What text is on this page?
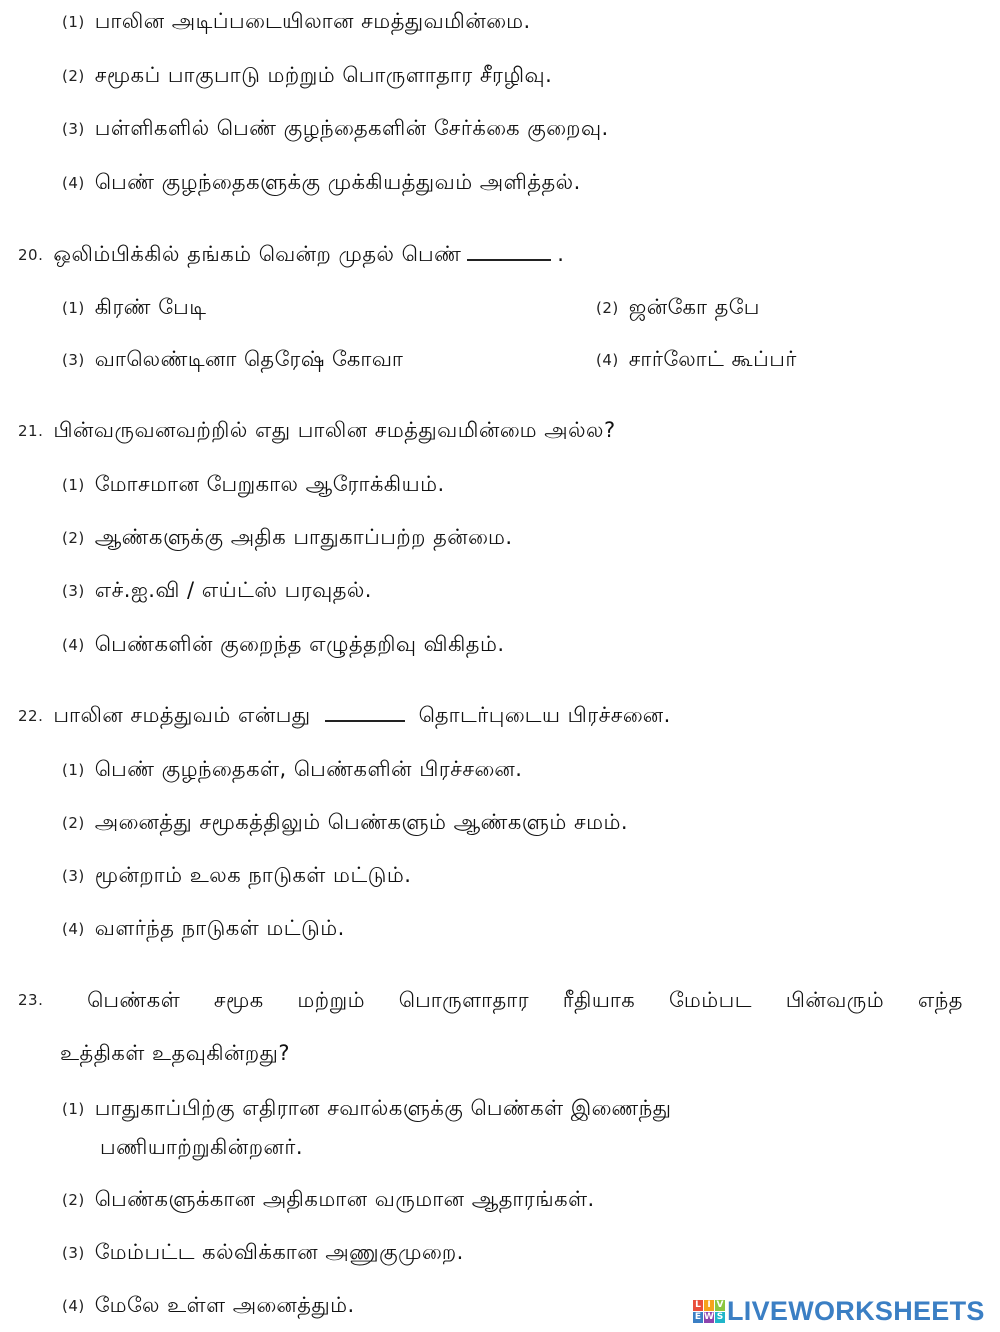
(1) பாலின அடிப்படையிலான சமத்துவமின்மை.
(2) சமூகப் பாகுபாடு மற்றும் பொருளாதார சீரழிவு.
(3) பள்ளிகளில் பெண் குழந்தைகளின் சேர்க்கை குறைவு.
(4) பெண் குழந்தைகளுக்கு முக்கியத்துவம் அளித்தல்.
20. ஒலிம்பிக்கில் தங்கம் வென்ற முதல் பெண்	.
(1) கிரண் பேடி	(2) ஜன்கோ தபே
(3) வாலெண்டினா தெரேஷ் கோவா	(4) சார்லோட் கூப்பர்
21. பின்வருவனவற்றில் எது பாலின சமத்துவமின்மை அல்ல?
(1) மோசமான பேறுகால ஆரோக்கியம்.
(2) ஆண்களுக்கு அதிக பாதுகாப்பற்ற தன்மை.
(3) எச்.ஐ.வி / எய்ட்ஸ் பரவுதல்.
(4) பெண்களின் குறைந்த எழுத்தறிவு விகிதம்.
22. பாலின சமத்துவம் என்பது	தொடர்புடைய பிரச்சனை.
(1) பெண் குழந்தைகள், பெண்களின் பிரச்சனை.
(2) அனைத்து சமூகத்திலும் பெண்களும் ஆண்களும் சமம்.
(3) மூன்றாம் உலக நாடுகள் மட்டும்.
(4) வளர்ந்த நாடுகள் மட்டும்.
23. பெண்கள் சமூக மற்றும் பொருளாதார ரீதியாக மேம்பட பின்வரும் எந்த
உத்திகள் உதவுகின்றது?
(1) பாதுகாப்பிற்கு எதிரான சவால்களுக்கு பெண்கள் இணைந்து
பணியாற்றுகின்றனர்.
(2) பெண்களுக்கான அதிகமான வருமான ஆதாரங்கள்.
(3) மேம்பட்ட கல்விக்கான அணுகுமுறை.
(4) மேலே உள்ள அனைத்தும்.	L I V
E W S LIVEWORKSHEETS
